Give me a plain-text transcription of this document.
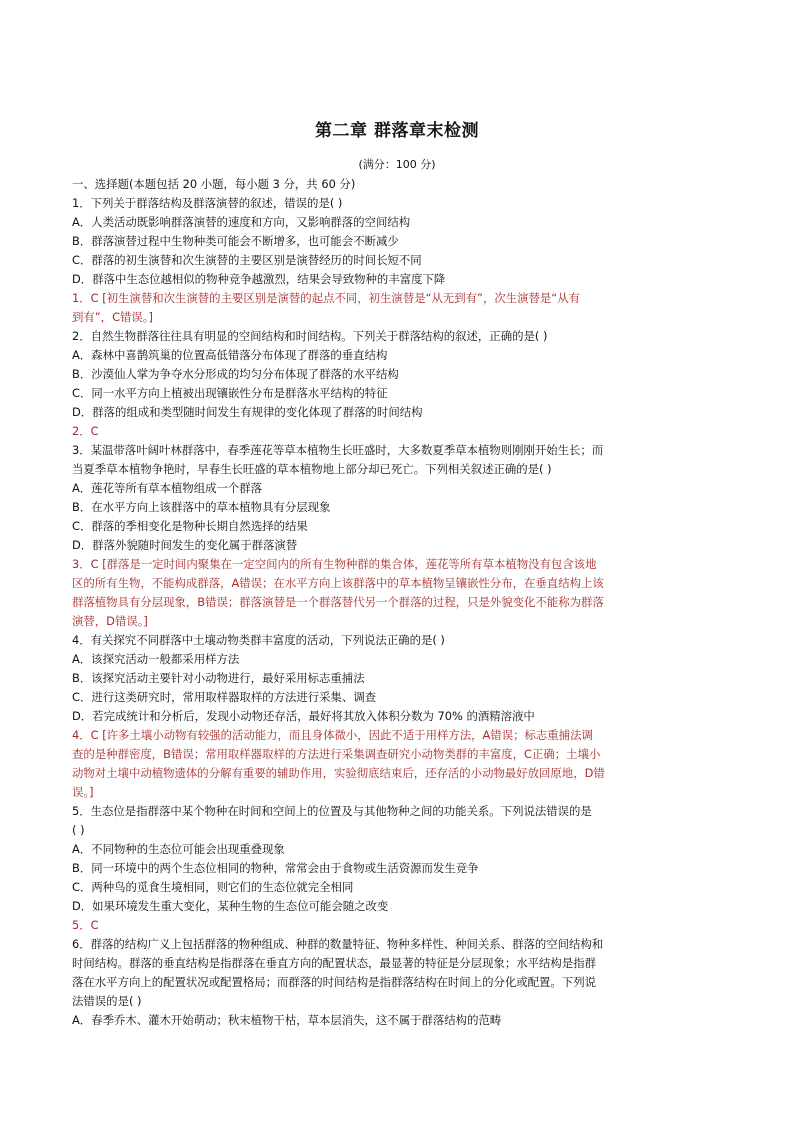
第二章 群落章末检测
(满分：100 分)
一、选择题(本题包括 20 小题，每小题 3 分，共 60 分)
1．下列关于群落结构及群落演替的叙述，错误的是( )
A．人类活动既影响群落演替的速度和方向，又影响群落的空间结构
B．群落演替过程中生物种类可能会不断增多，也可能会不断减少
C．群落的初生演替和次生演替的主要区别是演替经历的时间长短不同
D．群落中生态位越相似的物种竞争越激烈，结果会导致物种的丰富度下降
1．C [初生演替和次生演替的主要区别是演替的起点不同，初生演替是“从无到有”，次生演替是“从有
到有”，C错误。]
2．自然生物群落往往具有明显的空间结构和时间结构。下列关于群落结构的叙述，正确的是( )
A．森林中喜鹊筑巢的位置高低错落分布体现了群落的垂直结构
B．沙漠仙人掌为争夺水分形成的均匀分布体现了群落的水平结构
C．同一水平方向上植被出现镶嵌性分布是群落水平结构的特征
D．群落的组成和类型随时间发生有规律的变化体现了群落的时间结构
2．C
3．某温带落叶阔叶林群落中，春季莲花等草本植物生长旺盛时，大多数夏季草本植物则刚刚开始生长；而
当夏季草本植物争艳时，早春生长旺盛的草本植物地上部分却已死亡。下列相关叙述正确的是( )
A．莲花等所有草本植物组成一个群落
B．在水平方向上该群落中的草本植物具有分层现象
C．群落的季相变化是物种长期自然选择的结果
D．群落外貌随时间发生的变化属于群落演替
3．C [群落是一定时间内聚集在一定空间内的所有生物种群的集合体，莲花等所有草本植物没有包含该地
区的所有生物，不能构成群落，A错误；在水平方向上该群落中的草本植物呈镶嵌性分布，在垂直结构上该
群落植物具有分层现象，B错误；群落演替是一个群落替代另一个群落的过程，只是外貌变化不能称为群落
演替，D错误。]
4．有关探究不同群落中土壤动物类群丰富度的活动，下列说法正确的是( )
A．该探究活动一般都采用样方法
B．该探究活动主要针对小动物进行，最好采用标志重捕法
C．进行这类研究时，常用取样器取样的方法进行采集、调查
D．若完成统计和分析后，发现小动物还存活，最好将其放入体积分数为 70% 的酒精溶液中
4．C [许多土壤小动物有较强的活动能力，而且身体微小，因此不适于用样方法，A错误；标志重捕法调
查的是种群密度，B错误；常用取样器取样的方法进行采集调查研究小动物类群的丰富度，C正确；土壤小
动物对土壤中动植物遗体的分解有重要的辅助作用，实验彻底结束后，还存活的小动物最好放回原地，D错
误。]
5．生态位是指群落中某个物种在时间和空间上的位置及与其他物种之间的功能关系。下列说法错误的是
( )
A．不同物种的生态位可能会出现重叠现象
B．同一环境中的两个生态位相同的物种，常常会由于食物或生活资源而发生竞争
C．两种鸟的觅食生境相同，则它们的生态位就完全相同
D．如果环境发生重大变化，某种生物的生态位可能会随之改变
5．C
6．群落的结构广义上包括群落的物种组成、种群的数量特征、物种多样性、种间关系、群落的空间结构和
时间结构。群落的垂直结构是指群落在垂直方向的配置状态，最显著的特征是分层现象；水平结构是指群
落在水平方向上的配置状况或配置格局；而群落的时间结构是指群落结构在时间上的分化或配置。下列说
法错误的是( )
A．春季乔木、灌木开始萌动；秋末植物干枯，草本层消失，这不属于群落结构的范畴
